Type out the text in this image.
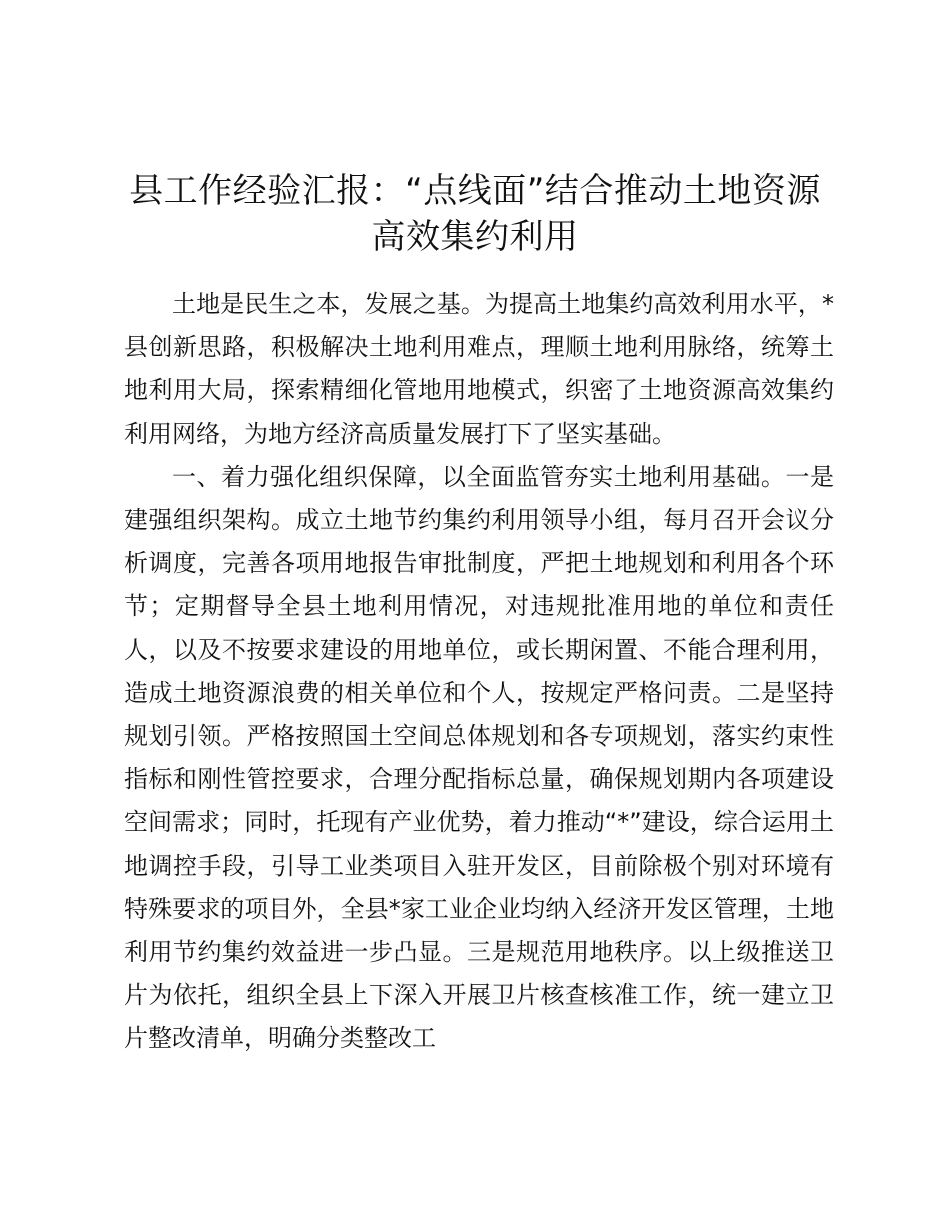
县工作经验汇报：“点线面”结合推动土地资源
高效集约利用

土地是民生之本，发展之基。为提高土地集约高效利用水平，*县创新思路，积极解决土地利用难点，理顺土地利用脉络，统筹土地利用大局，探索精细化管地用地模式，织密了土地资源高效集约利用网络，为地方经济高质量发展打下了坚实基础。

一、着力强化组织保障，以全面监管夯实土地利用基础。一是建强组织架构。成立土地节约集约利用领导小组，每月召开会议分析调度，完善各项用地报告审批制度，严把土地规划和利用各个环节；定期督导全县土地利用情况，对违规批准用地的单位和责任人，以及不按要求建设的用地单位，或长期闲置、不能合理利用，造成土地资源浪费的相关单位和个人，按规定严格问责。二是坚持规划引领。严格按照国土空间总体规划和各专项规划，落实约束性指标和刚性管控要求，合理分配指标总量，确保规划期内各项建设空间需求；同时，托现有产业优势，着力推动“*”建设，综合运用土地调控手段，引导工业类项目入驻开发区，目前除极个别对环境有特殊要求的项目外，全县*家工业企业均纳入经济开发区管理，土地利用节约集约效益进一步凸显。三是规范用地秩序。以上级推送卫片为依托，组织全县上下深入开展卫片核查核准工作，统一建立卫片整改清单，明确分类整改工
